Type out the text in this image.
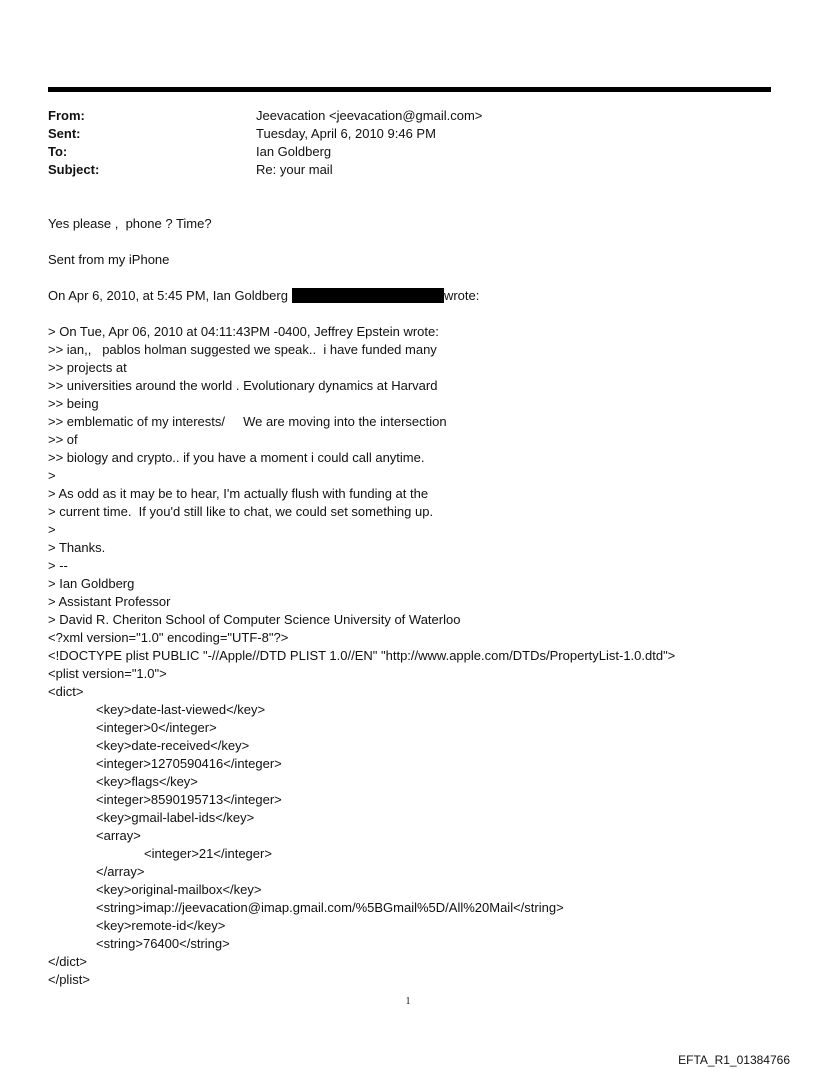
From:	Jeevacation <jeevacation@gmail.com>
Sent:	Tuesday, April 6, 2010 9:46 PM
To:	Ian Goldberg
Subject:	Re: your mail
Yes please ,  phone ? Time?
Sent from my iPhone
On Apr 6, 2010, at 5:45 PM, Ian Goldberg	wrote:
> On Tue, Apr 06, 2010 at 04:11:43PM -0400, Jeffrey Epstein wrote:
>> ian,,   pablos holman suggested we speak..  i have funded many
>> projects at
>> universities around the world . Evolutionary dynamics at Harvard
>> being
>> emblematic of my interests/     We are moving into the intersection
>> of
>> biology and crypto.. if you have a moment i could call anytime.
>
> As odd as it may be to hear, I'm actually flush with funding at the
> current time.  If you'd still like to chat, we could set something up.
>
> Thanks.
> --
> Ian Goldberg
> Assistant Professor
> David R. Cheriton School of Computer Science University of Waterloo
<?xml version="1.0" encoding="UTF-8"?>
<!DOCTYPE plist PUBLIC "-//Apple//DTD PLIST 1.0//EN" "http://www.apple.com/DTDs/PropertyList-1.0.dtd">
<plist version="1.0">
<dict>
<key>date-last-viewed</key>
<integer>0</integer>
<key>date-received</key>
<integer>1270590416</integer>
<key>flags</key>
<integer>8590195713</integer>
<key>gmail-label-ids</key>
<array>
<integer>21</integer>
</array>
<key>original-mailbox</key>
<string>imap://jeevacation@imap.gmail.com/%5BGmail%5D/All%20Mail</string>
<key>remote-id</key>
<string>76400</string>
</dict>
</plist>
1
EFTA_R1_01384766
